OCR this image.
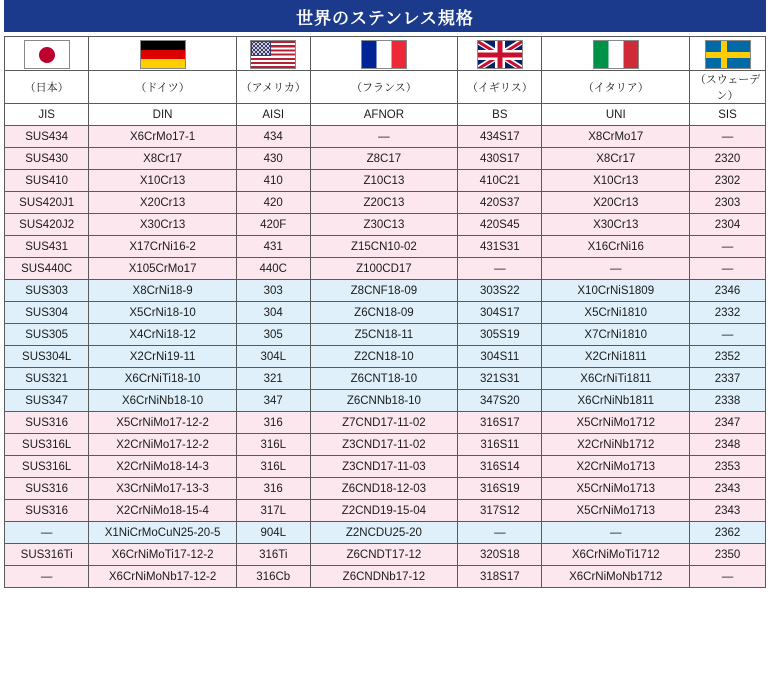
世界のステンレス規格

（日本）	（ドイツ）	（アメリカ）	（フランス）	（イギリス）	（イタリア）	（スウェーデン）
JIS	DIN	AISI	AFNOR	BS	UNI	SIS
SUS434	X6CrMo17-1	434	—	434S17	X8CrMo17	—
SUS430	X8Cr17	430	Z8C17	430S17	X8Cr17	2320
SUS410	X10Cr13	410	Z10C13	410C21	X10Cr13	2302
SUS420J1	X20Cr13	420	Z20C13	420S37	X20Cr13	2303
SUS420J2	X30Cr13	420F	Z30C13	420S45	X30Cr13	2304
SUS431	X17CrNi16-2	431	Z15CN10-02	431S31	X16CrNi16	—
SUS440C	X105CrMo17	440C	Z100CD17	—	—	—
SUS303	X8CrNi18-9	303	Z8CNF18-09	303S22	X10CrNiS1809	2346
SUS304	X5CrNi18-10	304	Z6CN18-09	304S17	X5CrNi1810	2332
SUS305	X4CrNi18-12	305	Z5CN18-11	305S19	X7CrNi1810	—
SUS304L	X2CrNi19-11	304L	Z2CN18-10	304S11	X2CrNi1811	2352
SUS321	X6CrNiTi18-10	321	Z6CNT18-10	321S31	X6CrNiTi1811	2337
SUS347	X6CrNiNb18-10	347	Z6CNNb18-10	347S20	X6CrNiNb1811	2338
SUS316	X5CrNiMo17-12-2	316	Z7CND17-11-02	316S17	X5CrNiMo1712	2347
SUS316L	X2CrNiMo17-12-2	316L	Z3CND17-11-02	316S11	X2CrNiNb1712	2348
SUS316L	X2CrNiMo18-14-3	316L	Z3CND17-11-03	316S14	X2CrNiMo1713	2353
SUS316	X3CrNiMo17-13-3	316	Z6CND18-12-03	316S19	X5CrNiMo1713	2343
SUS316	X2CrNiMo18-15-4	317L	Z2CND19-15-04	317S12	X5CrNiMo1713	2343
—	X1NiCrMoCuN25-20-5	904L	Z2NCDU25-20	—	—	2362
SUS316Ti	X6CrNiMoTi17-12-2	316Ti	Z6CNDT17-12	320S18	X6CrNiMoTi1712	2350
—	X6CrNiMoNb17-12-2	316Cb	Z6CNDNb17-12	318S17	X6CrNiMoNb1712	—
